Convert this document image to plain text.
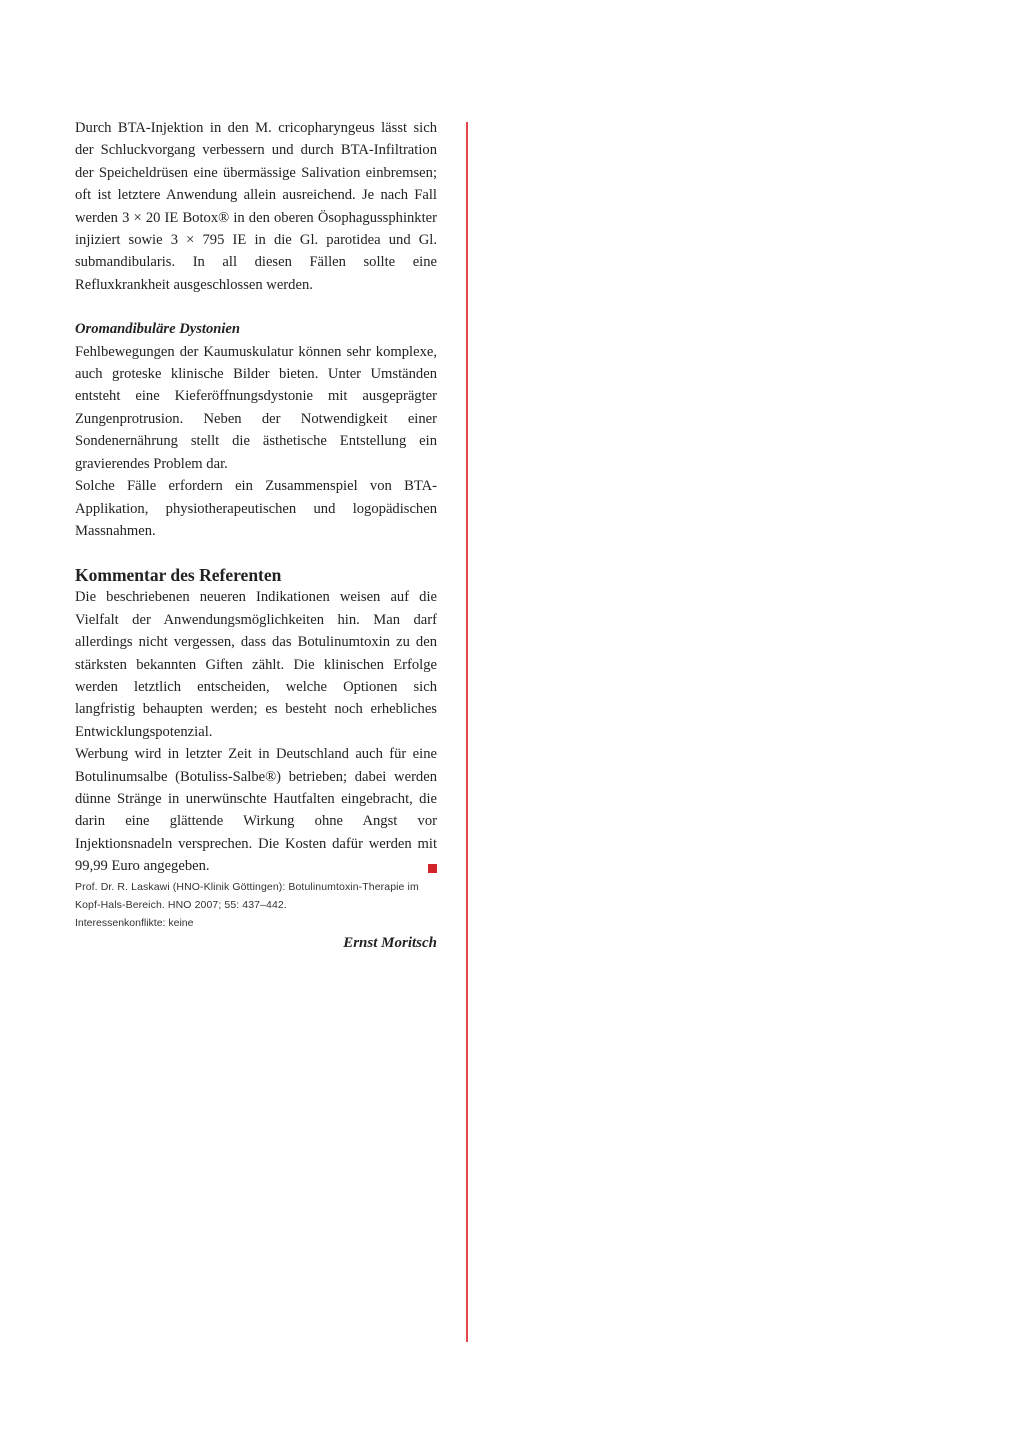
Durch BTA-Injektion in den M. cricopharyngeus lässt sich der Schluckvorgang verbessern und durch BTA-Infiltration der Speicheldrüsen eine übermässige Salivation einbremsen; oft ist letztere Anwendung allein ausreichend. Je nach Fall werden 3 × 20 IE Botox® in den oberen Ösophagussphinkter injiziert sowie 3 × 795 IE in die Gl. parotidea und Gl. submandibularis. In all diesen Fällen sollte eine Refluxkrankheit ausgeschlossen werden.

Oromandibuläre Dystonien

Fehlbewegungen der Kaumuskulatur können sehr komplexe, auch groteske klinische Bilder bieten. Unter Umständen entsteht eine Kieferöffnungsdystonie mit ausgeprägter Zungenprotrusion. Neben der Notwendigkeit einer Sondenernährung stellt die ästhetische Entstellung ein gravierendes Problem dar.

Solche Fälle erfordern ein Zusammenspiel von BTA-Applikation, physiotherapeutischen und logopädischen Massnahmen.

Kommentar des Referenten

Die beschriebenen neueren Indikationen weisen auf die Vielfalt der Anwendungsmöglichkeiten hin. Man darf allerdings nicht vergessen, dass das Botulinumtoxin zu den stärksten bekannten Giften zählt. Die klinischen Erfolge werden letztlich entscheiden, welche Optionen sich langfristig behaupten werden; es besteht noch erhebliches Entwicklungspotenzial.

Werbung wird in letzter Zeit in Deutschland auch für eine Botulinumsalbe (Botuliss-Salbe®) betrieben; dabei werden dünne Stränge in unerwünschte Hautfalten eingebracht, die darin eine glättende Wirkung ohne Angst vor Injektionsnadeln versprechen. Die Kosten dafür werden mit 99,99 Euro angegeben.

Prof. Dr. R. Laskawi (HNO-Klinik Göttingen): Botulinumtoxin-Therapie im Kopf-Hals-Bereich. HNO 2007; 55: 437–442.

Interessenkonflikte: keine

Ernst Moritsch
